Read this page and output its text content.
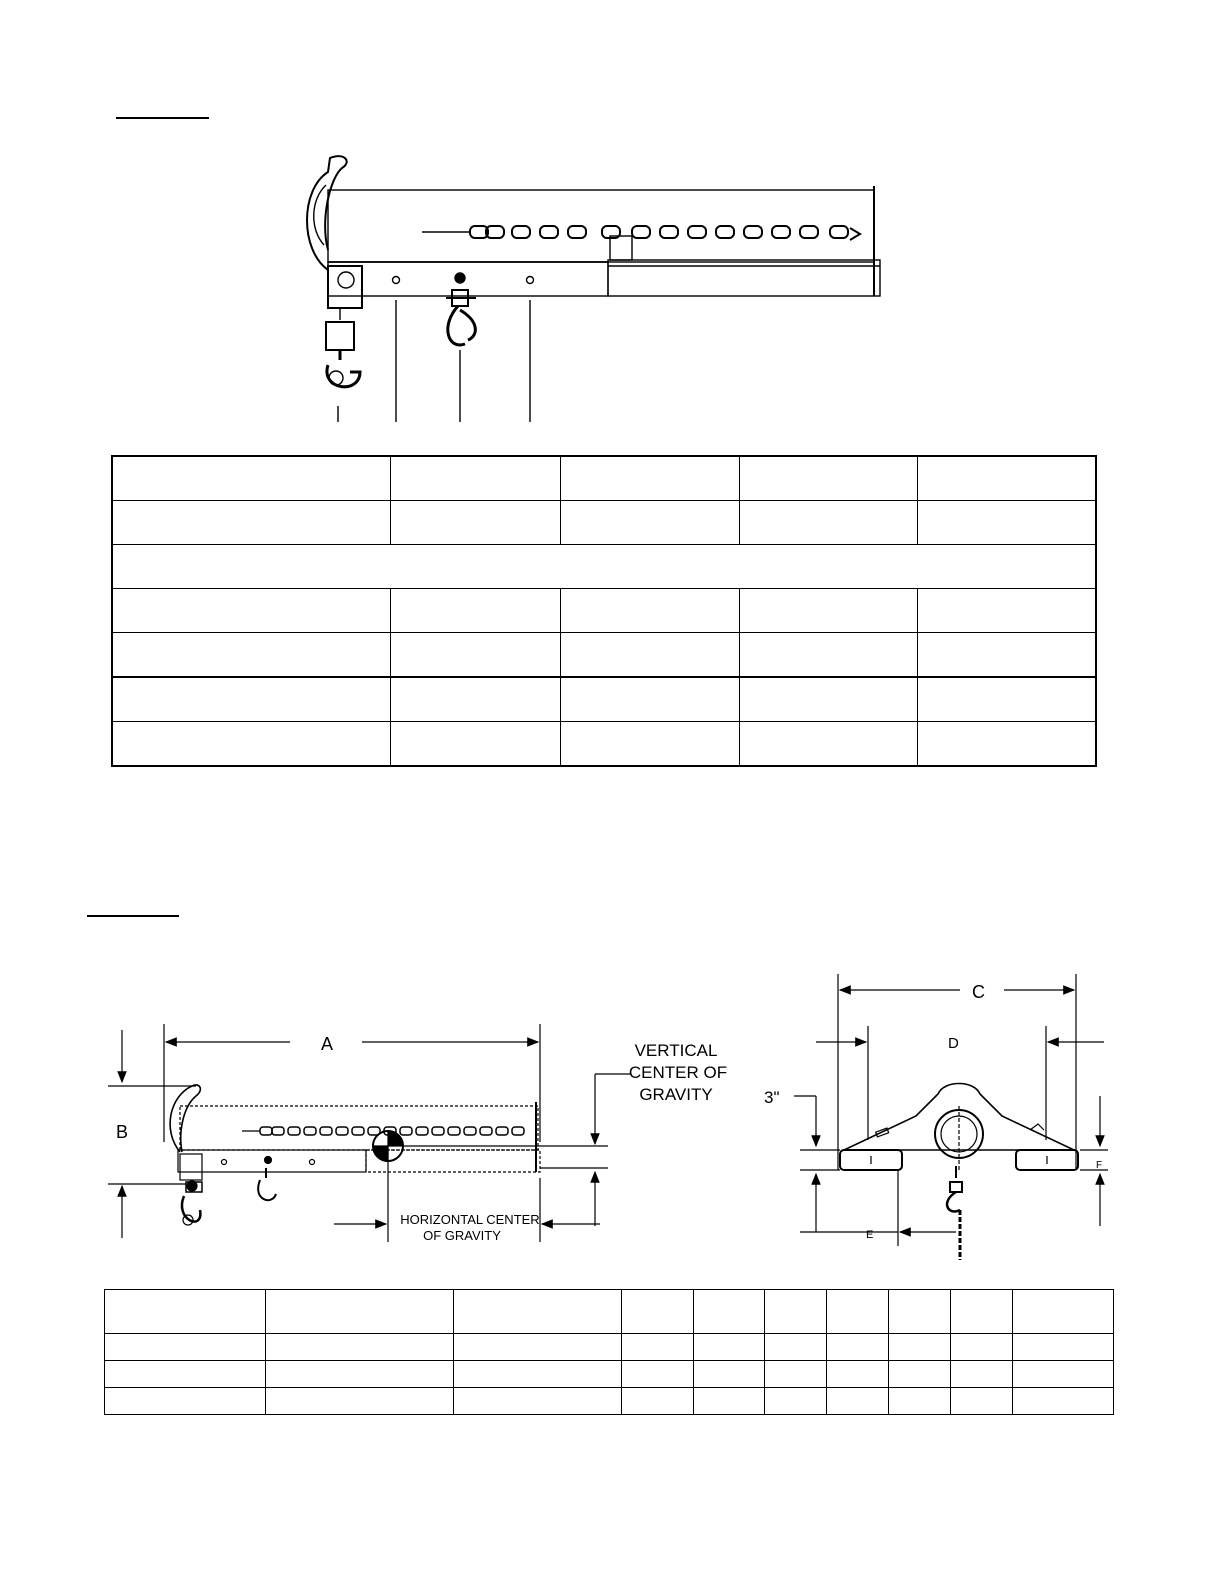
A
B
VERTICAL
CENTER OF
GRAVITY
HORIZONTAL CENTER
OF GRAVITY
C
D
3"
E
F
